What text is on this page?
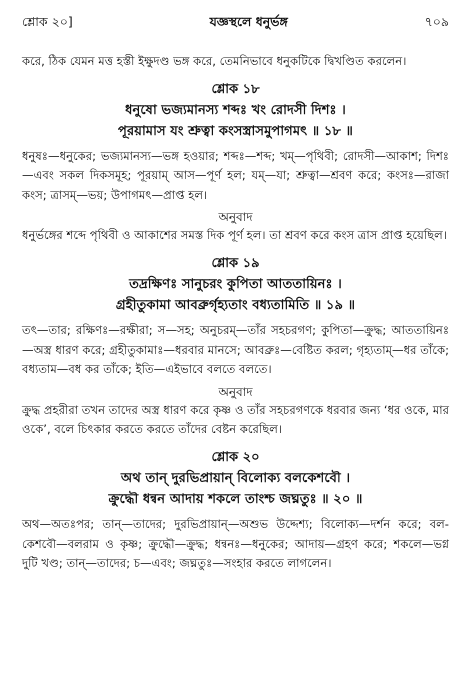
শ্লোক ২০]	যজ্ঞস্থলে ধনুর্ভঙ্গ	৭০৯

করে, ঠিক যেমন মত্ত হস্তী ইক্ষুদণ্ড ভঙ্গ করে, তেমনিভাবে ধনুকটিকে দ্বিখণ্ডিত করলেন।

শ্লোক ১৮

ধনুষো ভজ্যমানস্য শব্দঃ খং রোদসী দিশঃ ।

পূরয়ামাস যং শ্রুত্বা কংসস্ত্রাসমুপাগমৎ ॥ ১৮ ॥

ধনুষঃ—ধনুকের; ভজ্যমানস্য—ভঙ্গ হওয়ার; শব্দঃ—শব্দ; খম্—পৃথিবী; রোদসী—আকাশ; দিশঃ—এবং সকল দিকসমূহ; পূরয়াম্ আস—পূর্ণ হল; যম্—যা; শ্রুত্বা—শ্রবণ করে; কংসঃ—রাজা কংস; ত্রাসম্—ভয়; উপাগমৎ—প্রাপ্ত হল।

অনুবাদ

ধনুর্ভঙ্গের শব্দে পৃথিবী ও আকাশের সমস্ত দিক পূর্ণ হল। তা শ্রবণ করে কংস ত্রাস প্রাপ্ত হয়েছিল।

শ্লোক ১৯

তদ্রক্ষিণঃ সানুচরং কুপিতা আততায়িনঃ ।

গ্রহীতুকামা আবব্রুর্গৃহ্যতাং বধ্যতামিতি ॥ ১৯ ॥

তৎ—তার; রক্ষিণঃ—রক্ষীরা; স—সহ; অনুচরম্—তাঁর সহচরগণ; কুপিতা—ক্রুদ্ধ; আততায়িনঃ—অস্ত্র ধারণ করে; গ্রহীতুকামাঃ—ধরবার মানসে; আবব্রুঃ—বেষ্টিত করল; গৃহ্যতাম্—ধর তাঁকে; বধ্যতাম—বধ কর তাঁকে; ইতি—এইভাবে বলতে বলতে।

অনুবাদ

ক্রুদ্ধ প্রহরীরা তখন তাদের অস্ত্র ধারণ করে কৃষ্ণ ও তাঁর সহচরগণকে ধরবার জন্য ‘ধর ওকে, মার ওকে’, বলে চিৎকার করতে করতে তাঁদের বেষ্টন করেছিল।

শ্লোক ২০

অথ তান্ দুরভিপ্রায়ান্ বিলোক্য বলকেশবৌ ।

ক্রুদ্ধৌ ধন্বন আদায় শকলে তাংশ্চ জঘ্নতুঃ ॥ ২০ ॥

অথ—অতঃপর; তান্—তাদের; দুরভিপ্রায়ান্—অশুভ উদ্দেশ্য; বিলোক্য—দর্শন করে; বল-কেশবৌ—বলরাম ও কৃষ্ণ; ক্রুদ্ধৌ—ক্রুদ্ধ; ধন্বনঃ—ধনুকের; আদায়—গ্রহণ করে; শকলে—ভগ্ন দুটি খণ্ড; তান্—তাদের; চ—এবং; জঘ্নতুঃ—সংহার করতে লাগলেন।
